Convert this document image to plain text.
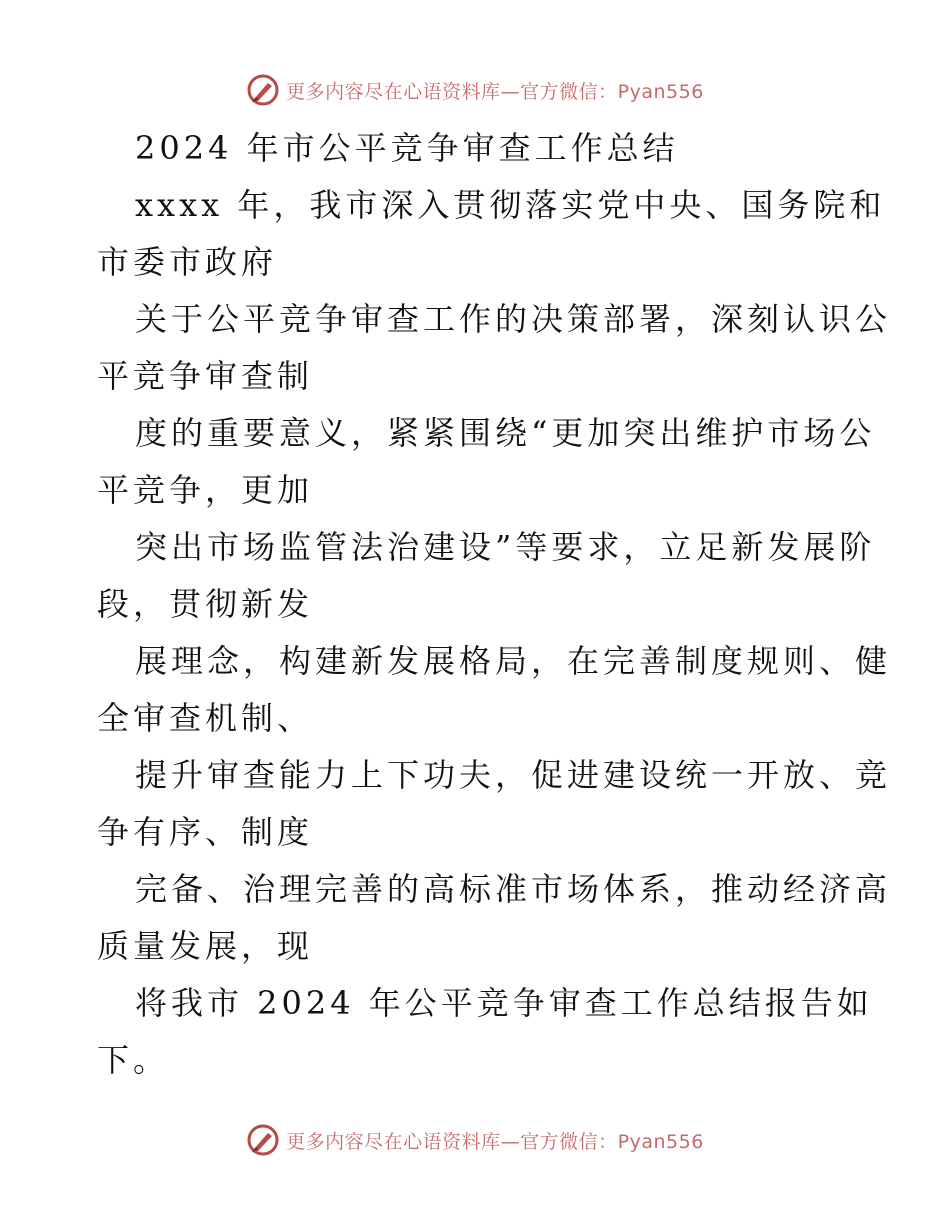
更多内容尽在心语资料库—官方微信：Pyan556
2024 年市公平竞争审查工作总结
xxxx 年，我市深入贯彻落实党中央、国务院和
市委市政府
关于公平竞争审查工作的决策部署，深刻认识公
平竞争审查制
度的重要意义，紧紧围绕“更加突出维护市场公
平竞争，更加
突出市场监管法治建设”等要求，立足新发展阶
段，贯彻新发
展理念，构建新发展格局，在完善制度规则、健
全审查机制、
提升审查能力上下功夫，促进建设统一开放、竞
争有序、制度
完备、治理完善的高标准市场体系，推动经济高
质量发展，现
将我市 2024 年公平竞争审查工作总结报告如
下。
更多内容尽在心语资料库—官方微信：Pyan556
